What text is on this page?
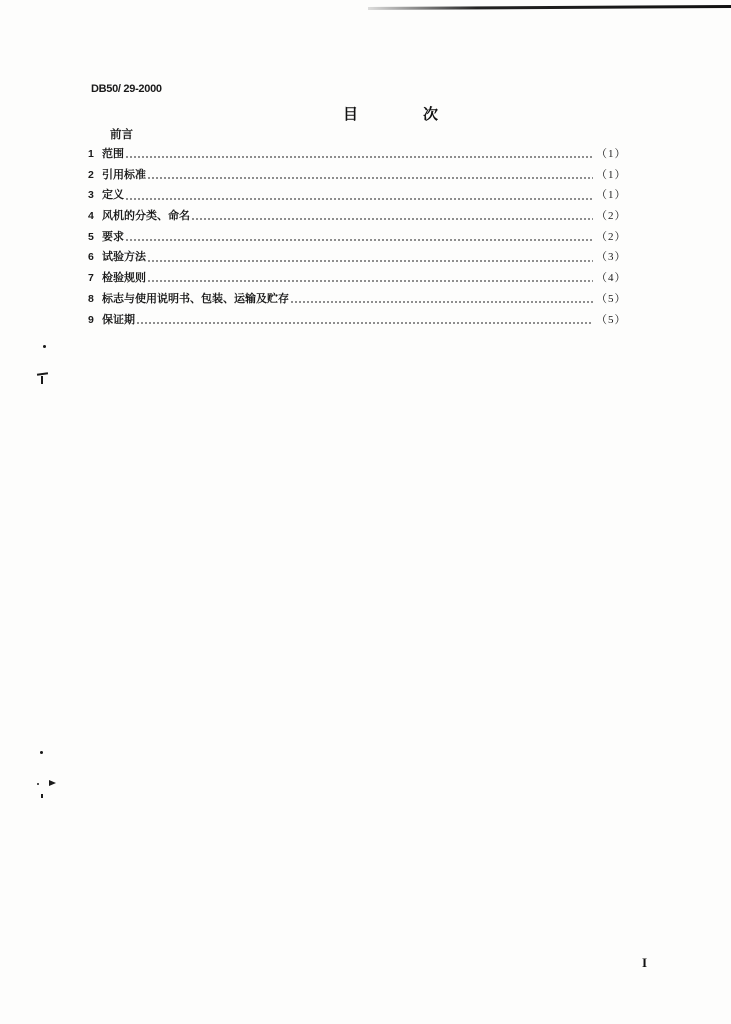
DB50/ 29-2000
目	次
前言
1 范围	（1）
2 引用标准	（1）
3 定义	（1）
4 风机的分类、命名	（2）
5 要求	（2）
6 试验方法	（3）
7 检验规则	（4）
8 标志与使用说明书、包装、运输及贮存	（5）
9 保证期	（5）
I
